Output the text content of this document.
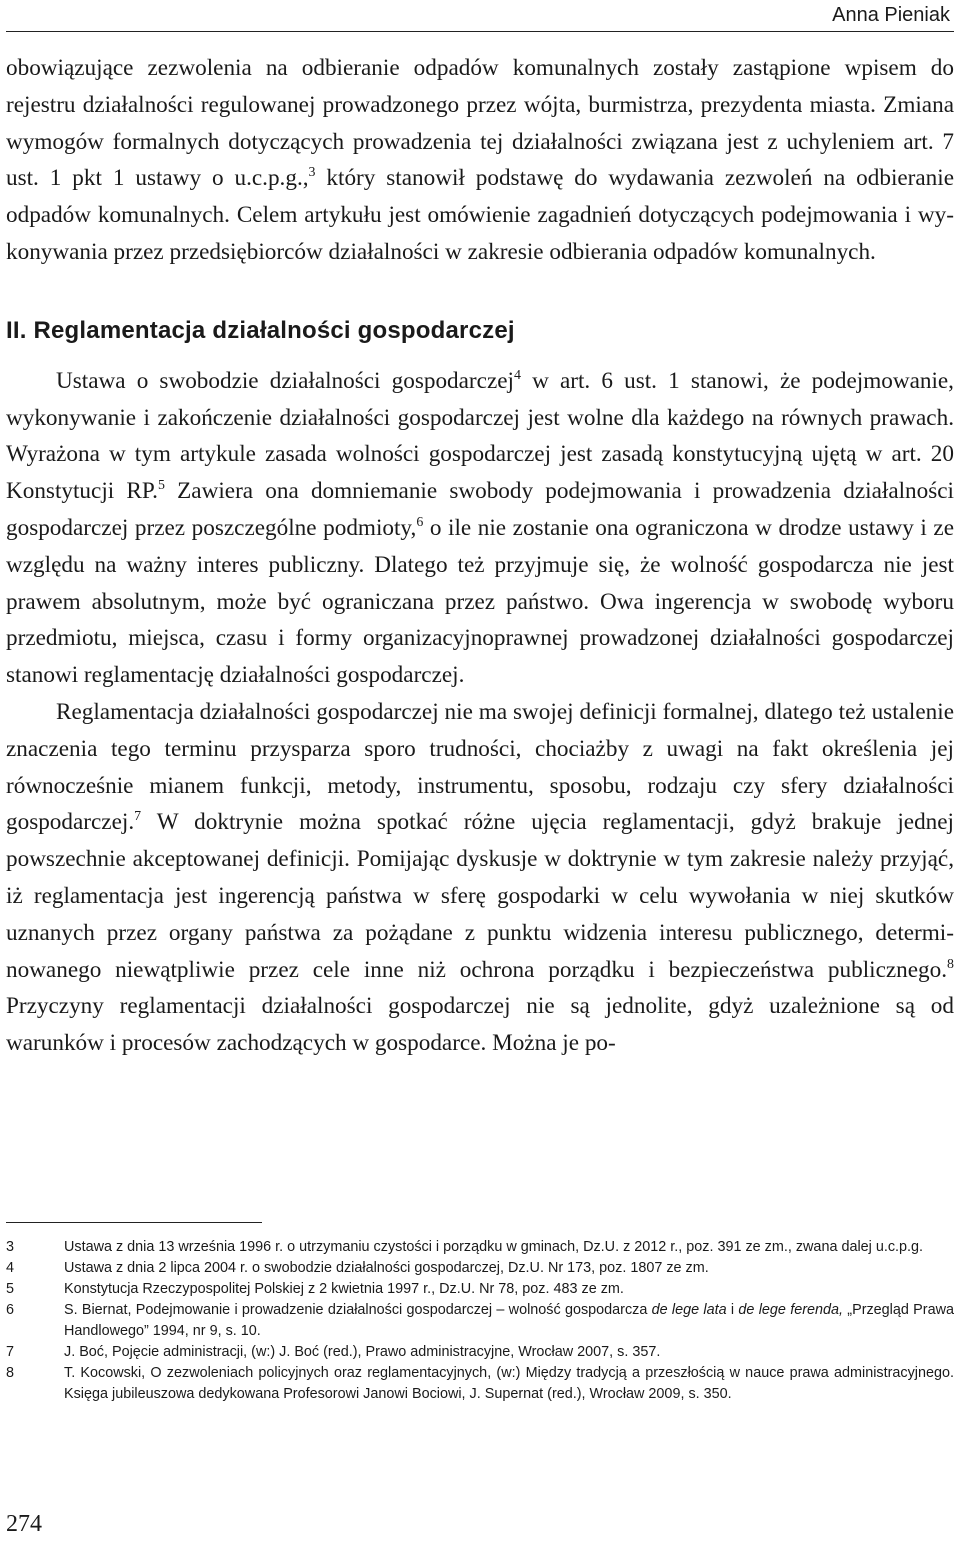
Anna Pieniak

obowiązujące zezwolenia na odbieranie odpadów komunalnych zostały zastąpione wpisem do rejestru działalności regulowanej prowadzonego przez wójta, burmistrza, prezydenta miasta. Zmiana wymogów formalnych dotyczących prowadzenia tej działalności związana jest z uchyleniem art. 7 ust. 1 pkt 1 ustawy o u.c.p.g.,$^3$ który stanowił podstawę do wydawania zezwoleń na odbieranie odpadów komunalnych. Celem artykułu jest omówienie zagadnień dotyczących podejmowania i wykonywania przez przedsiębiorców działalności w zakresie odbierania odpadów komunalnych.

II. Reglamentacja działalności gospodarczej

Ustawa o swobodzie działalności gospodarczej$^4$ w art. 6 ust. 1 stanowi, że podejmowanie, wykonywanie i zakończenie działalności gospodarczej jest wolne dla każdego na równych prawach. Wyrażona w tym artykule zasada wolności gospodarczej jest zasadą konstytucyjną ujętą w art. 20 Konstytucji RP.$^5$ Zawiera ona domniemanie swobody podejmowania i prowadzenia działalności gospodarczej przez poszczególne podmioty,$^6$ o ile nie zostanie ona ograniczona w drodze ustawy i ze względu na ważny interes publiczny. Dlatego też przyjmuje się, że wolność gospodarcza nie jest prawem absolutnym, może być ograniczana przez państwo. Owa ingerencja w swobodę wyboru przedmiotu, miejsca, czasu i formy organizacyjnoprawnej prowadzonej działalności gospodarczej stanowi reglamentację działalności gospodarczej.

Reglamentacja działalności gospodarczej nie ma swojej definicji formalnej, dlatego też ustalenie znaczenia tego terminu przysparza sporo trudności, chociażby z uwagi na fakt określenia jej równocześnie mianem funkcji, metody, instrumentu, sposobu, rodzaju czy sfery działalności gospodarczej.$^7$ W doktrynie można spotkać różne ujęcia reglamentacji, gdyż brakuje jednej powszechnie akceptowanej definicji. Pomijając dyskusje w doktrynie w tym zakresie należy przyjąć, iż reglamentacja jest ingerencją państwa w sferę gospodarki w celu wywołania w niej skutków uznanych przez organy państwa za pożądane z punktu widzenia interesu publicznego, determinowanego niewątpliwie przez cele inne niż ochrona porządku i bezpieczeństwa publicznego.$^8$ Przyczyny reglamentacji działalności gospodarczej nie są jednolite, gdyż uzależnione są od warunków i procesów zachodzących w gospodarce. Można je po-

3	Ustawa z dnia 13 września 1996 r. o utrzymaniu czystości i porządku w gminach, Dz.U. z 2012 r., poz. 391 ze zm., zwana dalej u.c.p.g.
4	Ustawa z dnia 2 lipca 2004 r. o swobodzie działalności gospodarczej, Dz.U. Nr 173, poz. 1807 ze zm.
5	Konstytucja Rzeczypospolitej Polskiej z 2 kwietnia 1997 r., Dz.U. Nr 78, poz. 483 ze zm.
6	S. Biernat, Podejmowanie i prowadzenie działalności gospodarczej – wolność gospodarcza de lege lata i de lege ferenda, „Przegląd Prawa Handlowego” 1994, nr 9, s. 10.
7	J. Boć, Pojęcie administracji, (w:) J. Boć (red.), Prawo administracyjne, Wrocław 2007, s. 357.
8	T. Kocowski, O zezwoleniach policyjnych oraz reglamentacyjnych, (w:) Między tradycją a przeszłością w nauce prawa administracyjnego. Księga jubileuszowa dedykowana Profesorowi Janowi Bociowi, J. Supernat (red.), Wrocław 2009, s. 350.
274
